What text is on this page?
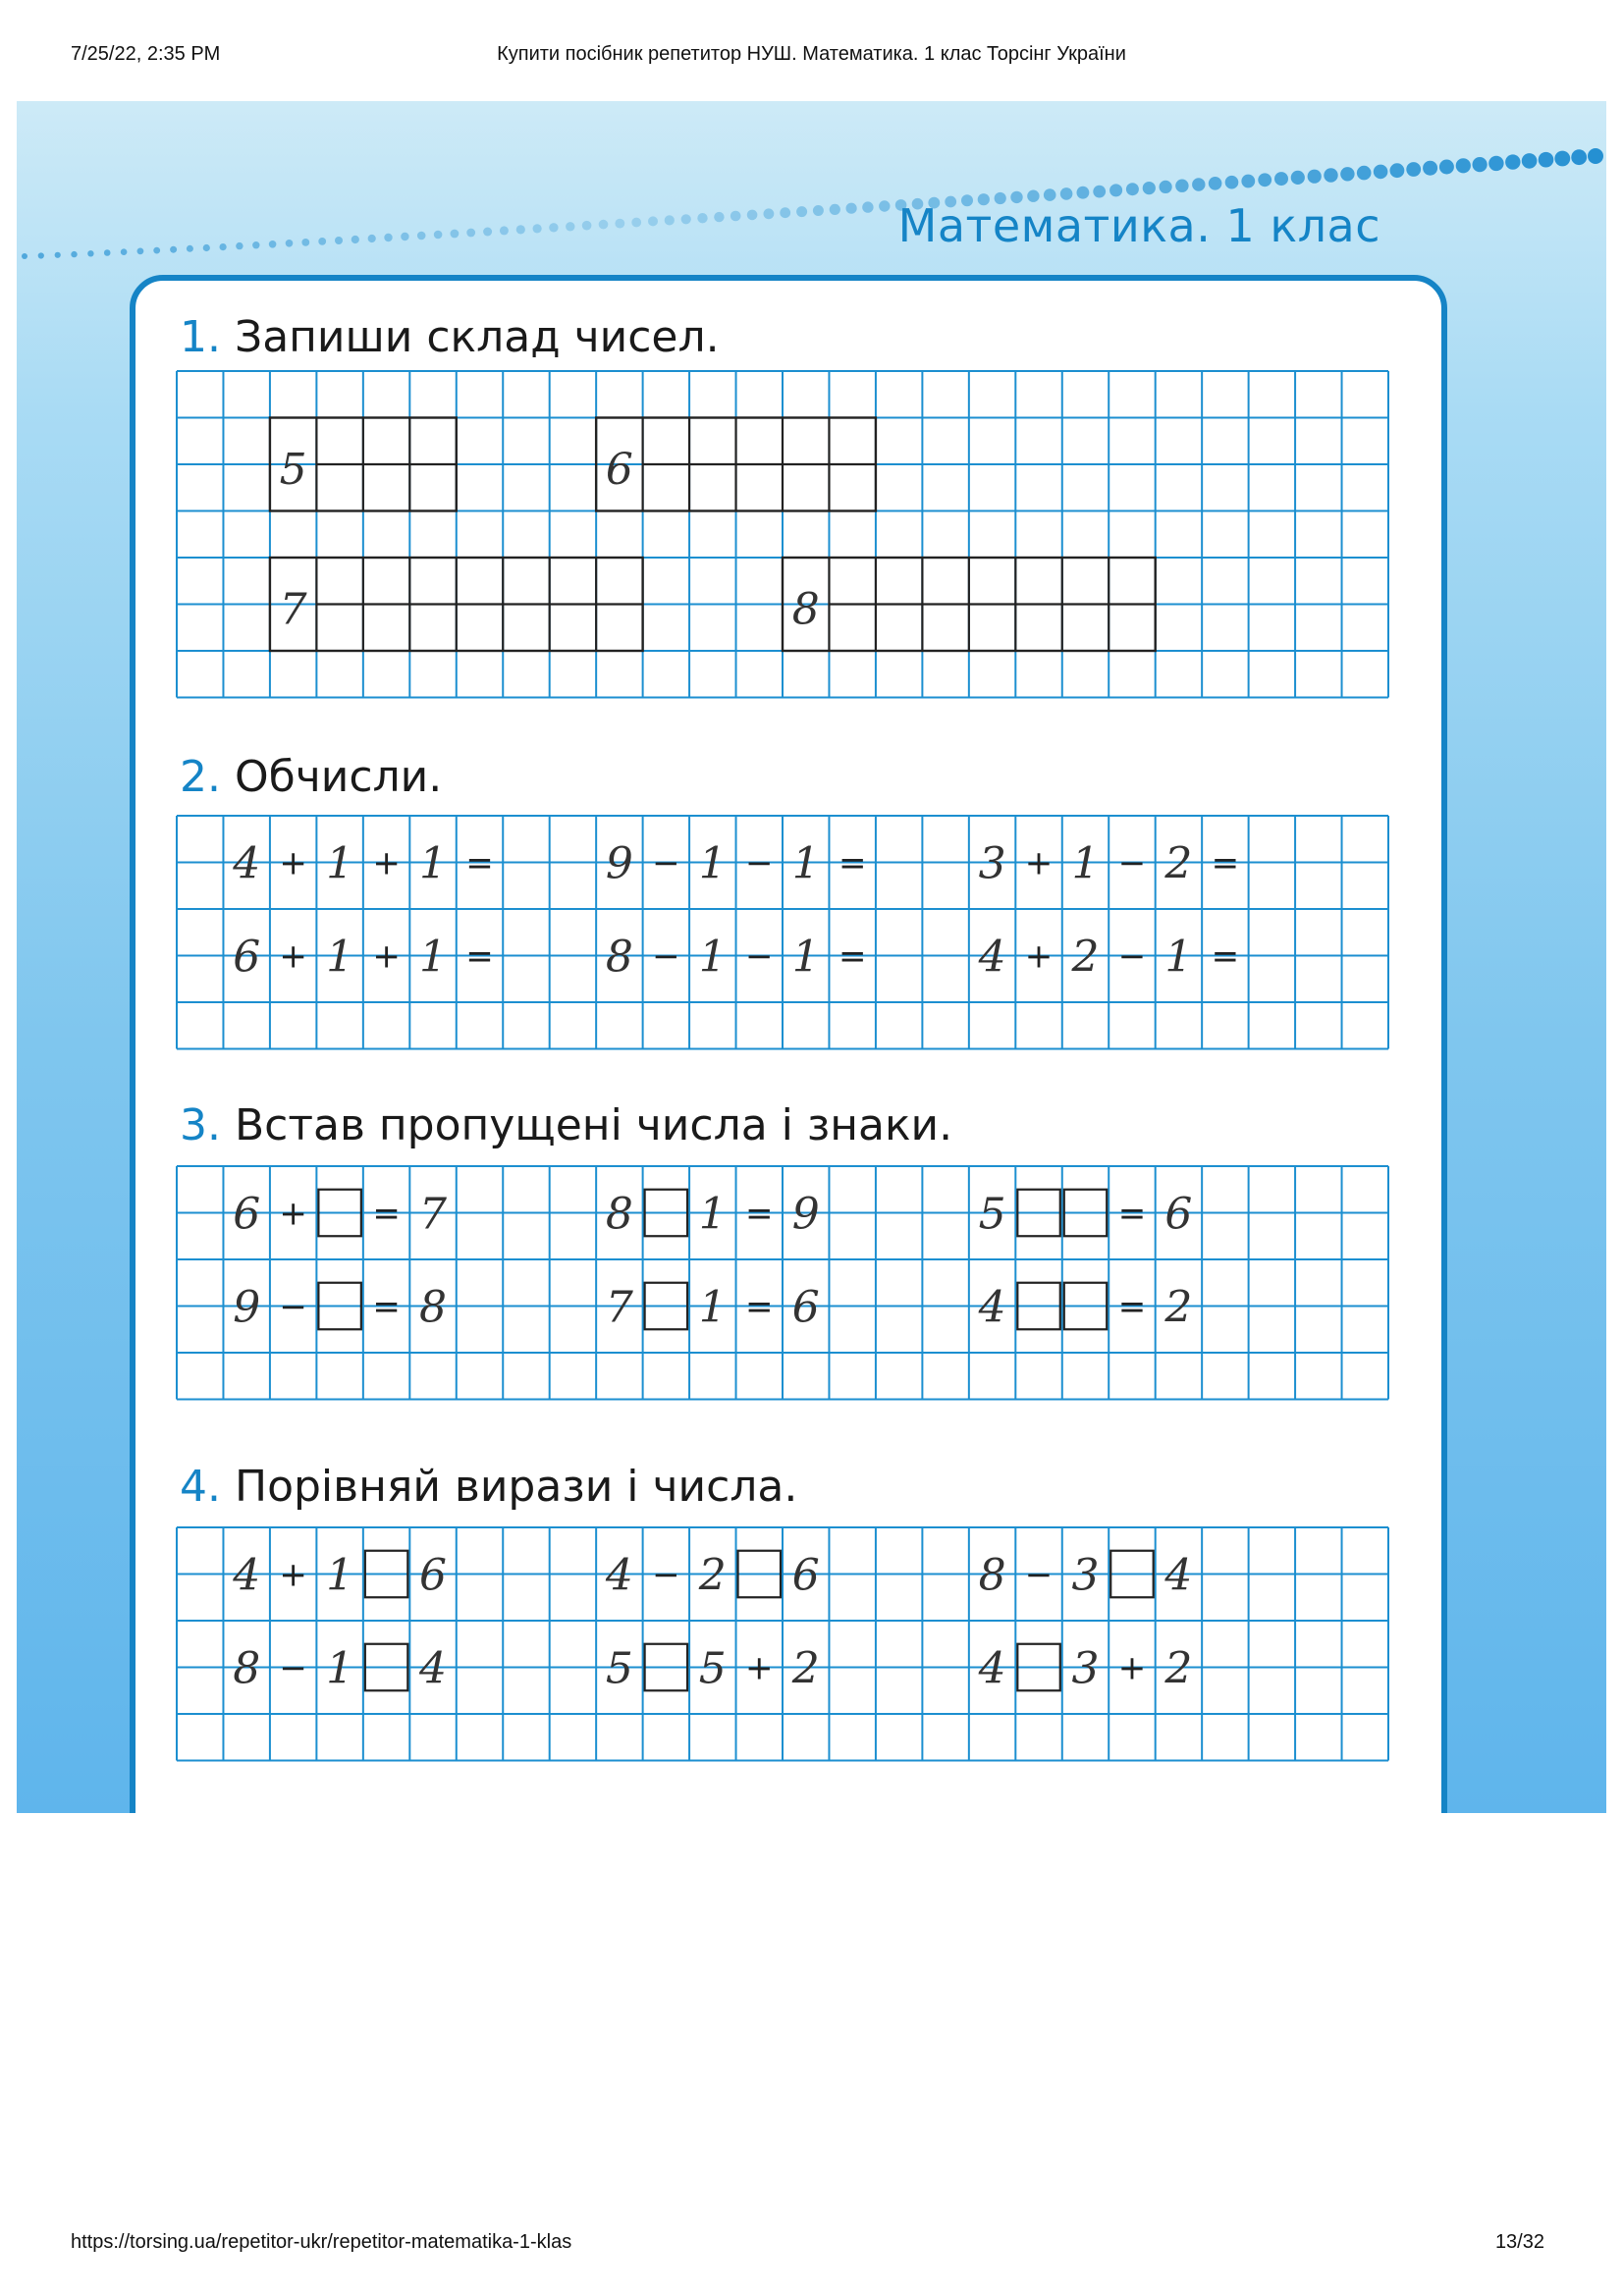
7/25/22, 2:35 PM	Купити посібник репетитор НУШ. Математика. 1 клас Торсінг України
Математика. 1 клас
5	6
7	8
4 + 1 + 1 =	9 − 1 − 1 =	3 + 1 − 2 =
6 + 1 + 1 =	8 − 1 − 1 =	4 + 2 − 1 =
6 + = 7	8 1 = 9	5	= 6
9 − = 8	7 1 = 6	4	= 2
4 + 1 6	4 − 2 6	8 − 3 4
8 − 1 4	5 5 + 2	4 3 + 2
1. Запиши склад чисел.
2. Обчисли.
3. Встав пропущені числа і знаки.
4. Порівняй вирази і числа.
https://torsing.ua/repetitor-ukr/repetitor-matematika-1-klas	13/32
